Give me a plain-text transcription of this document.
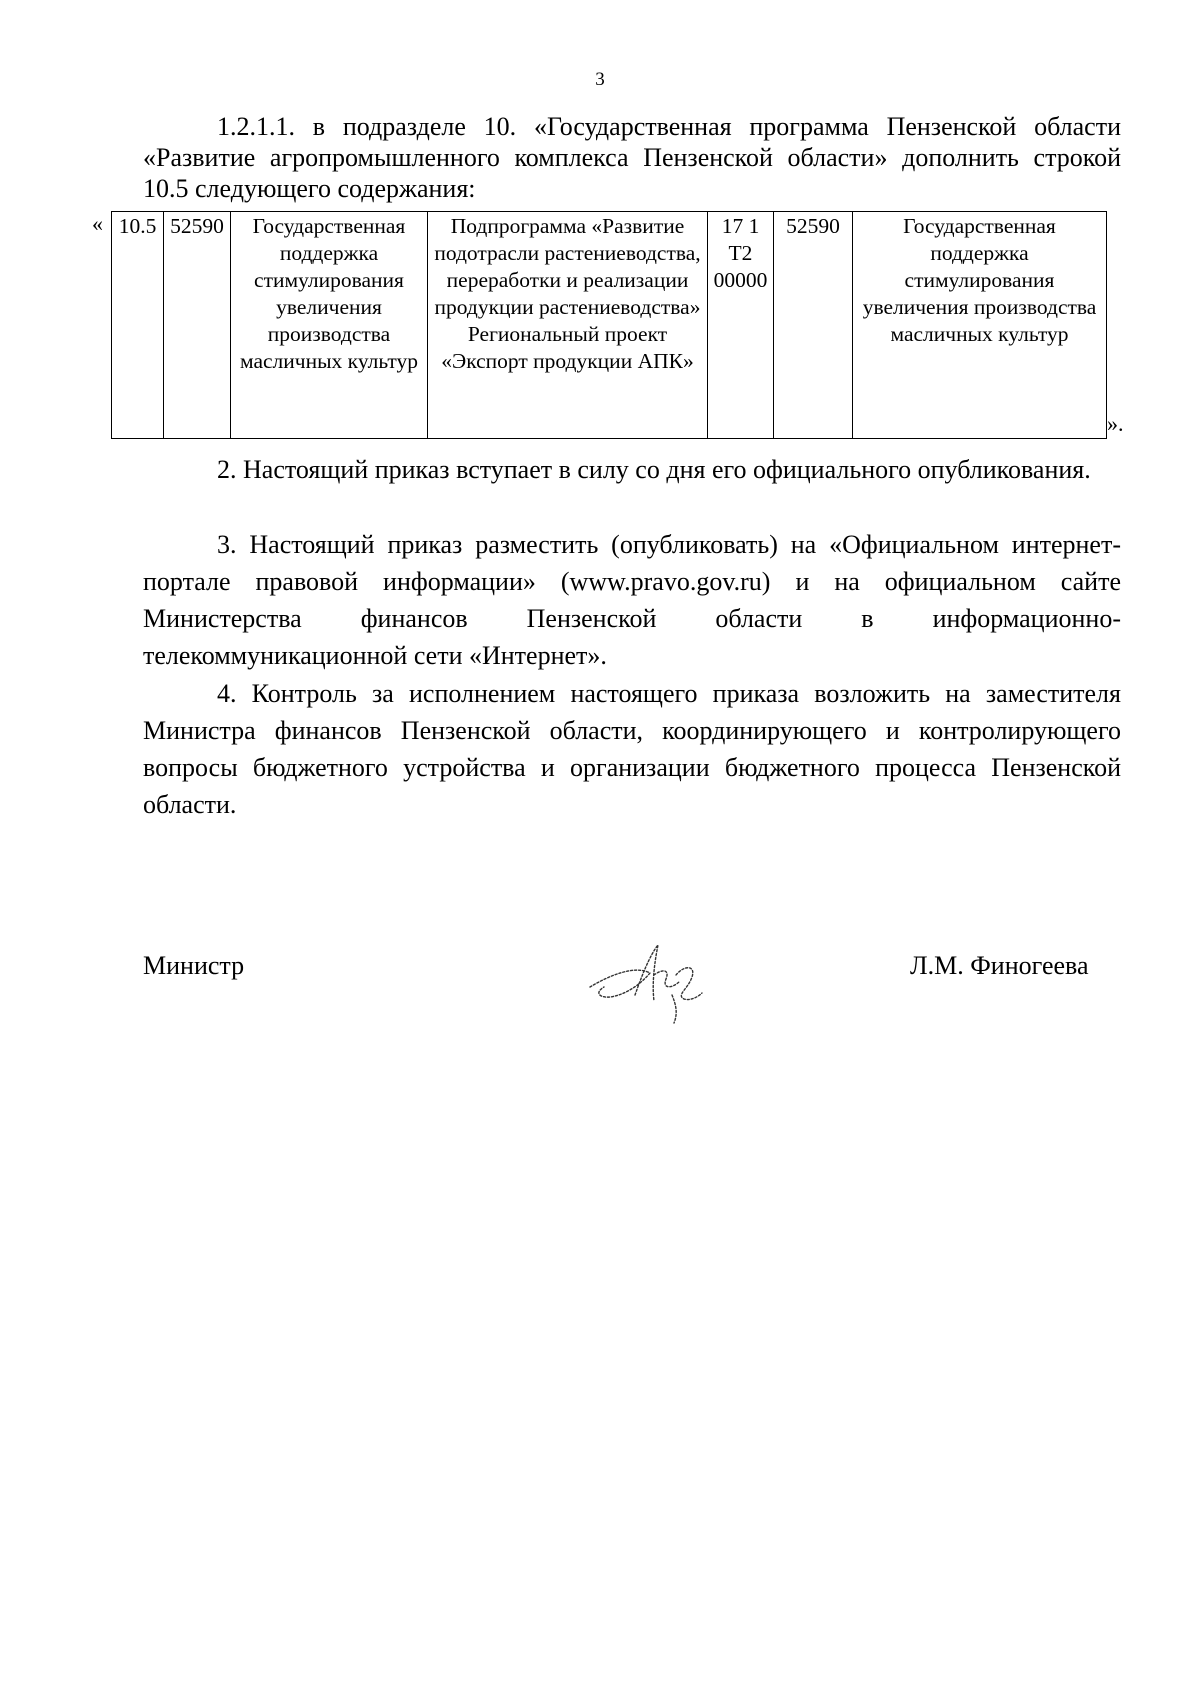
3

1.2.1.1. в подразделе 10. «Государственная программа Пензенской области «Развитие агропромышленного комплекса Пензенской области» дополнить строкой 10.5 следующего содержания:

« 10.5	52590	Государственная поддержка стимулирования увеличения производства масличных культур	Подпрограмма «Развитие подотрасли растениеводства, переработки и реализации продукции растениеводства» Региональный проект «Экспорт продукции АПК»	17 1 Т2 00000	52590	Государственная поддержка стимулирования увеличения производства масличных культур
».

2. Настоящий приказ вступает в силу со дня его официального опубликования.

3. Настоящий приказ разместить (опубликовать) на «Официальном интернет-портале правовой информации» (www.pravo.gov.ru) и на официальном сайте Министерства финансов Пензенской области в информационно-телекоммуникационной сети «Интернет».

4. Контроль за исполнением настоящего приказа возложить на заместителя Министра финансов Пензенской области, координирующего и контролирующего вопросы бюджетного устройства и организации бюджетного процесса Пензенской области.

Министр	Л.М. Финогеева
